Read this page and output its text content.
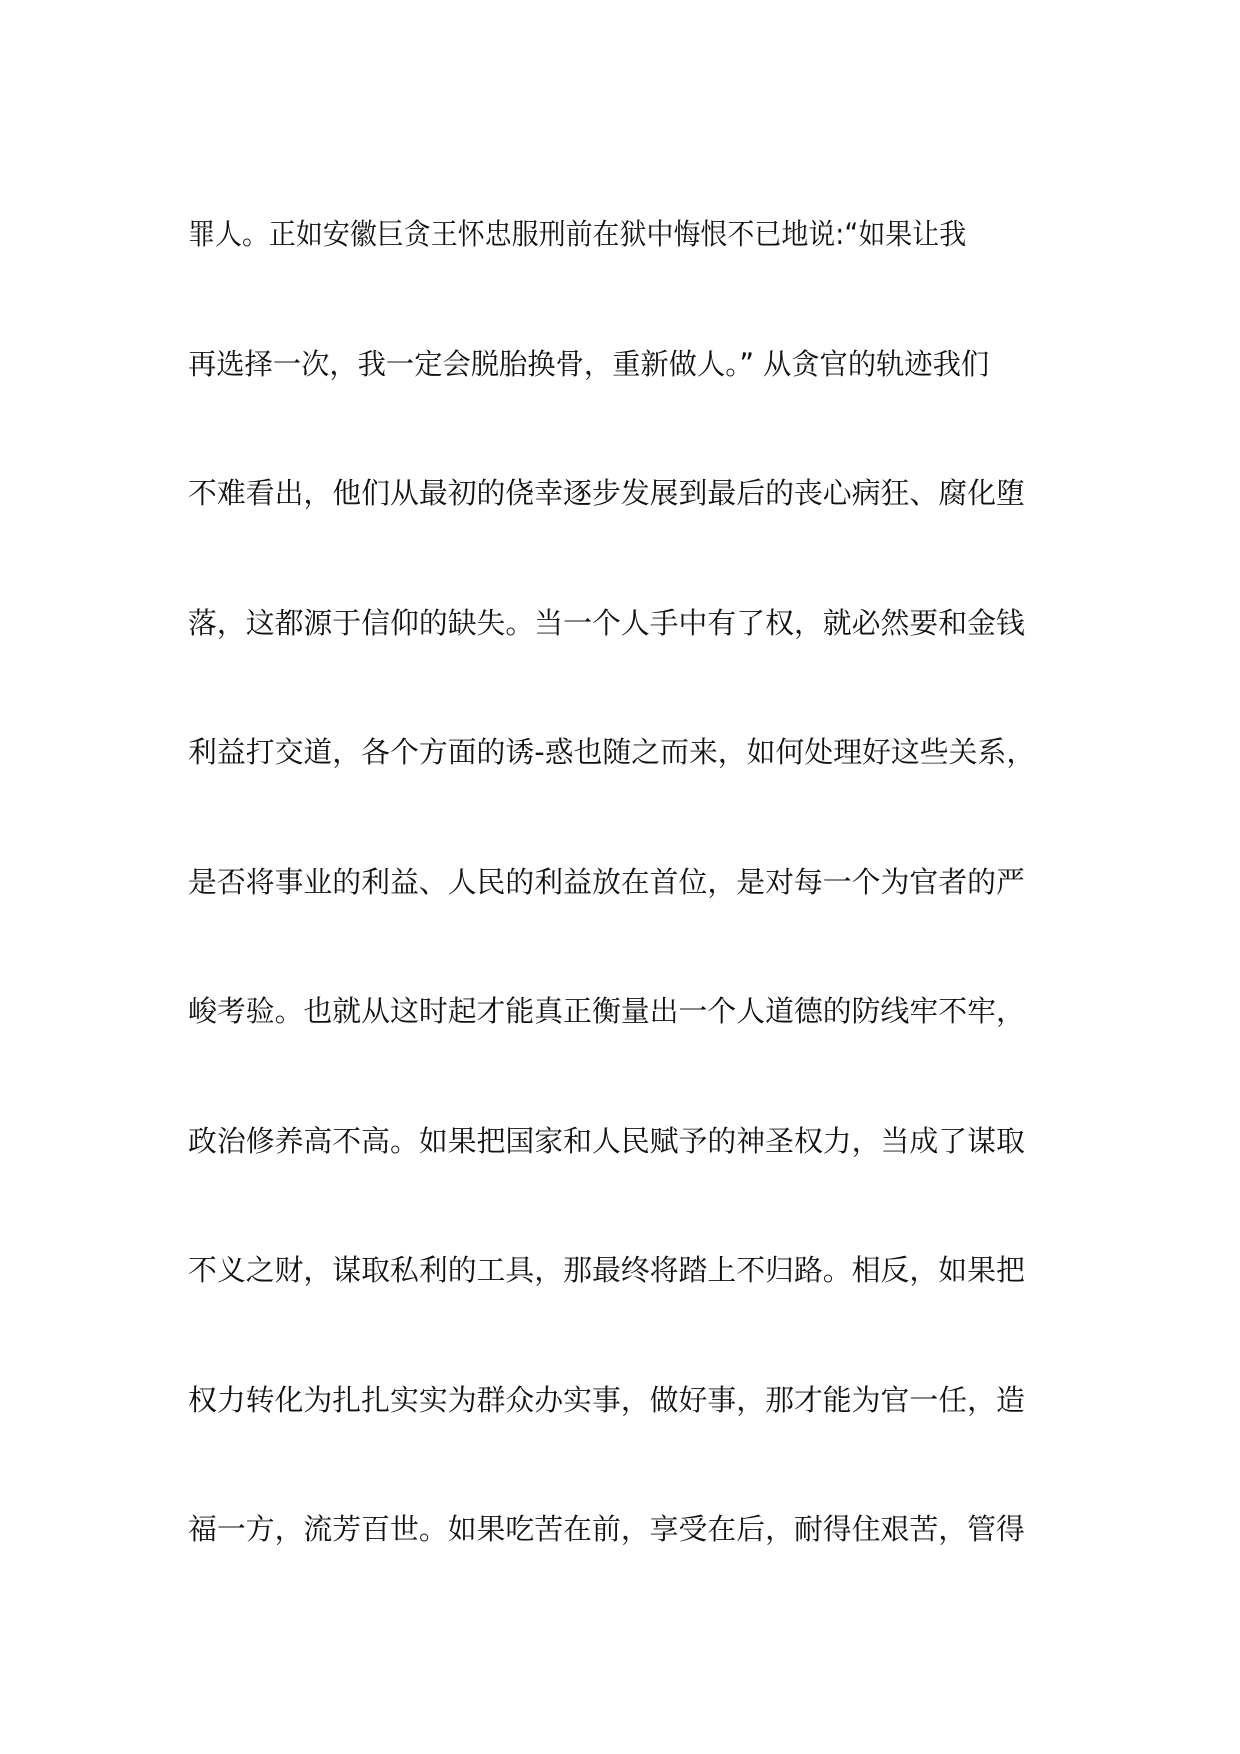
罪人。正如安徽巨贪王怀忠服刑前在狱中悔恨不已地说:“如果让我
再选择一次，我一定会脱胎换骨，重新做人。” 从贪官的轨迹我们
不难看出，他们从最初的侥幸逐步发展到最后的丧心病狂、腐化堕
落，这都源于信仰的缺失。当一个人手中有了权，就必然要和金钱
利益打交道，各个方面的诱-惑也随之而来，如何处理好这些关系，
是否将事业的利益、人民的利益放在首位，是对每一个为官者的严
峻考验。也就从这时起才能真正衡量出一个人道德的防线牢不牢，
政治修养高不高。如果把国家和人民赋予的神圣权力，当成了谋取
不义之财，谋取私利的工具，那最终将踏上不归路。相反，如果把
权力转化为扎扎实实为群众办实事，做好事，那才能为官一任，造
福一方，流芳百世。如果吃苦在前，享受在后，耐得住艰苦，管得
